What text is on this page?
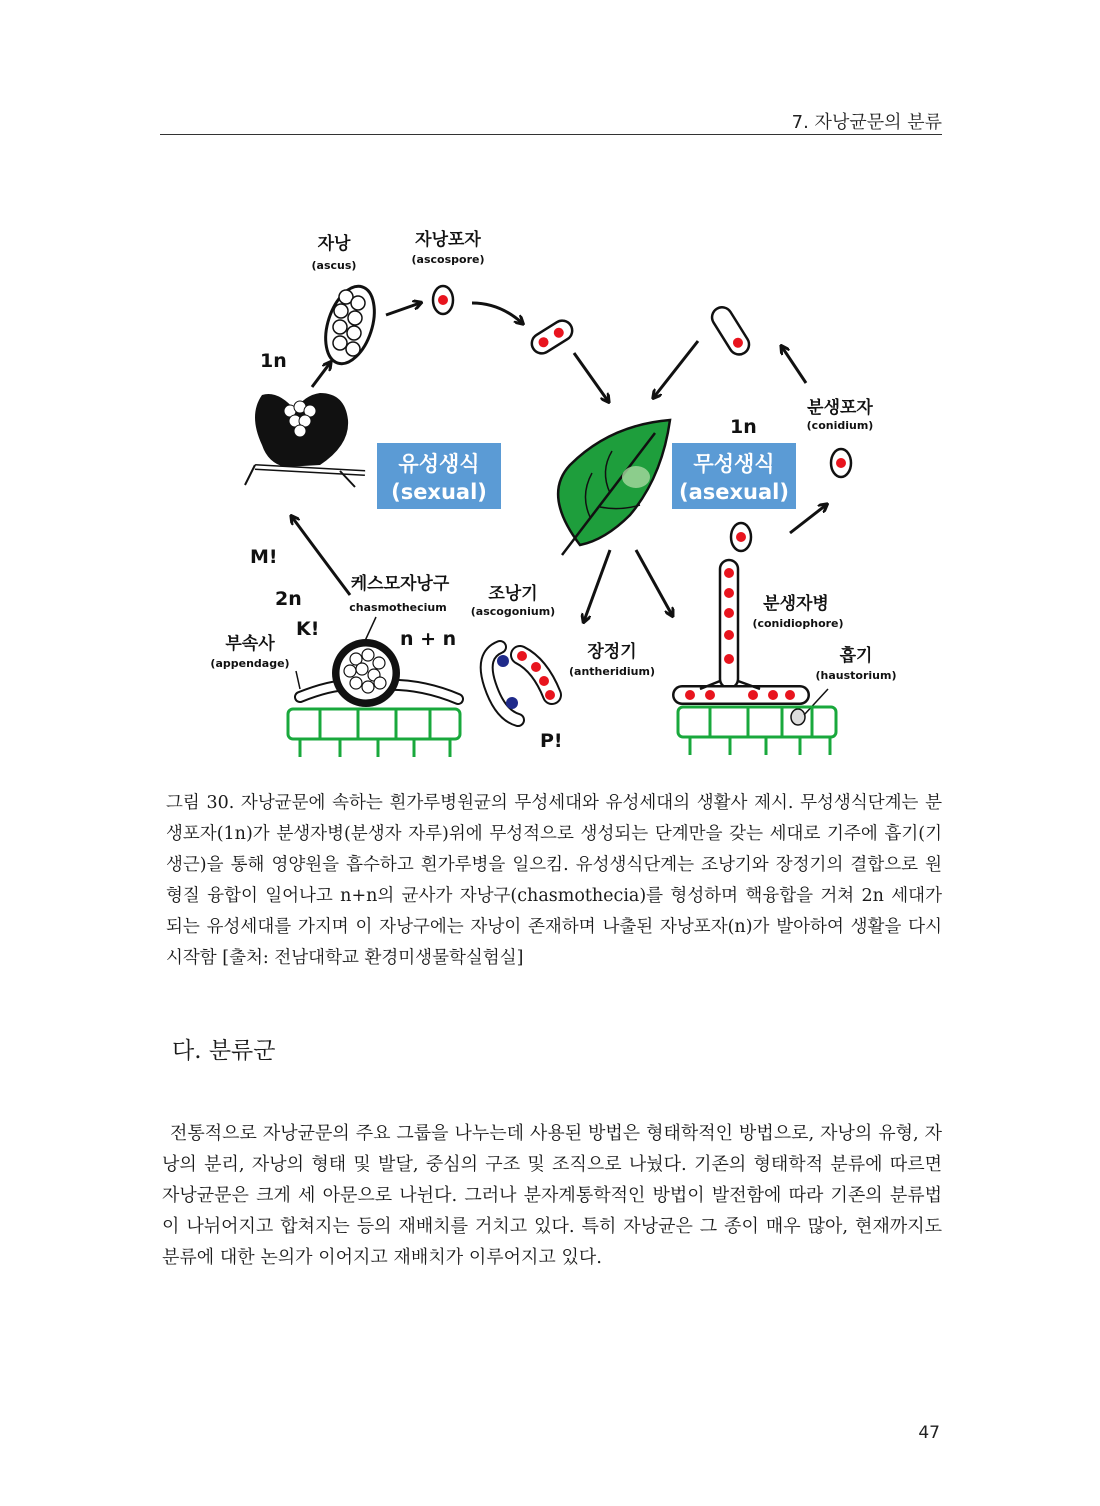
7. 자낭균문의 분류
자낭
(ascus)
자낭포자
(ascospore)
1n
유성생식
(sexual)
무성생식
(asexual)
1n
분생포자
(conidium)
분생자병
(conidiophore)
흡기
(haustorium)
조낭기
(ascogonium)
장정기
(antheridium)
P!
M!
2n
케스모자낭구
chasmothecium
K!	n + n
부속사
(appendage)

그림 30. 자낭균문에 속하는 흰가루병원균의 무성세대와 유성세대의 생활사 제시. 무성생식단계는 분생포자(1n)가 분생자병(분생자 자루)위에 무성적으로 생성되는 단계만을 갖는 세대로 기주에 흡기(기생근)을 통해 영양원을 흡수하고 흰가루병을 일으킴. 유성생식단계는 조낭기와 장정기의 결합으로 원형질 융합이 일어나고 n+n의 균사가 자낭구(chasmothecia)를 형성하며 핵융합을 거쳐 2n 세대가 되는 유성세대를 가지며 이 자낭구에는 자낭이 존재하며 나출된 자낭포자(n)가 발아하여 생활을 다시 시작함 [출처: 전남대학교 환경미생물학실험실]

다. 분류군

전통적으로 자낭균문의 주요 그룹을 나누는데 사용된 방법은 형태학적인 방법으로, 자낭의 유형, 자낭의 분리, 자낭의 형태 및 발달, 중심의 구조 및 조직으로 나눴다. 기존의 형태학적 분류에 따르면 자낭균문은 크게 세 아문으로 나뉜다. 그러나 분자계통학적인 방법이 발전함에 따라 기존의 분류법이 나뉘어지고 합쳐지는 등의 재배치를 거치고 있다. 특히 자낭균은 그 종이 매우 많아, 현재까지도 분류에 대한 논의가 이어지고 재배치가 이루어지고 있다.

47
